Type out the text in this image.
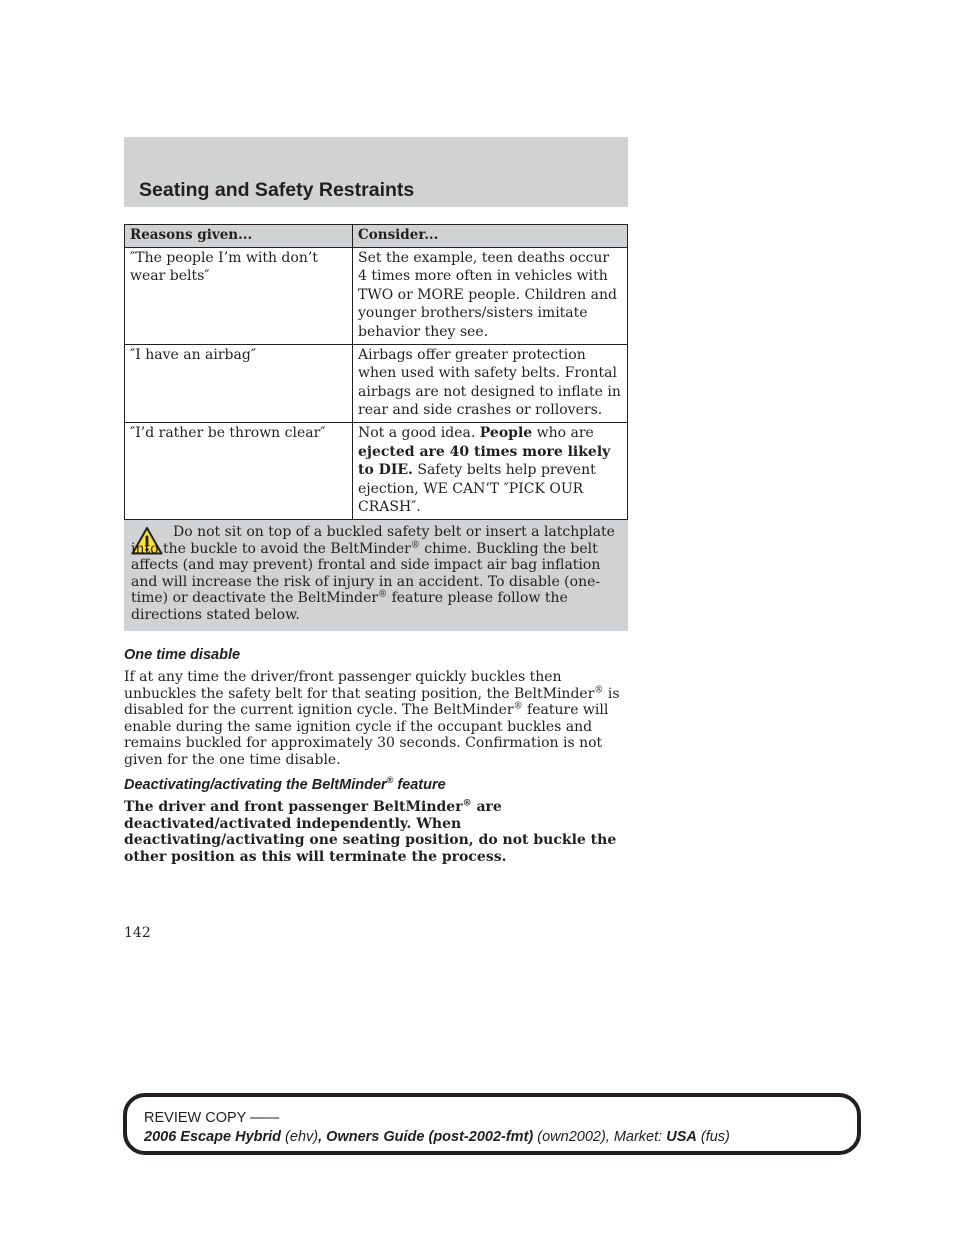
Seating and Safety Restraints
Reasons given...	Consider...
″The people I’m with don’t wear belts″	Set the example, teen deaths occur 4 times more often in vehicles with TWO or MORE people. Children and younger brothers/sisters imitate behavior they see.
″I have an airbag″	Airbags offer greater protection when used with safety belts. Frontal airbags are not designed to inflate in rear and side crashes or rollovers.
″I’d rather be thrown clear″	Not a good idea. People who are ejected are 40 times more likely to DIE. Safety belts help prevent ejection, WE CAN’T ″PICK OUR CRASH″.
Do not sit on top of a buckled safety belt or insert a latchplate into the buckle to avoid the BeltMinder® chime. Buckling the belt affects (and may prevent) frontal and side impact air bag inflation and will increase the risk of injury in an accident. To disable (one-time) or deactivate the BeltMinder® feature please follow the directions stated below.
One time disable
If at any time the driver/front passenger quickly buckles then unbuckles the safety belt for that seating position, the BeltMinder® is disabled for the current ignition cycle. The BeltMinder® feature will enable during the same ignition cycle if the occupant buckles and remains buckled for approximately 30 seconds. Confirmation is not given for the one time disable.
Deactivating/activating the BeltMinder® feature
The driver and front passenger BeltMinder® are deactivated/activated independently. When deactivating/activating one seating position, do not buckle the other position as this will terminate the process.
142
REVIEW COPY ——
2006 Escape Hybrid (ehv), Owners Guide (post-2002-fmt) (own2002), Market: USA (fus)
